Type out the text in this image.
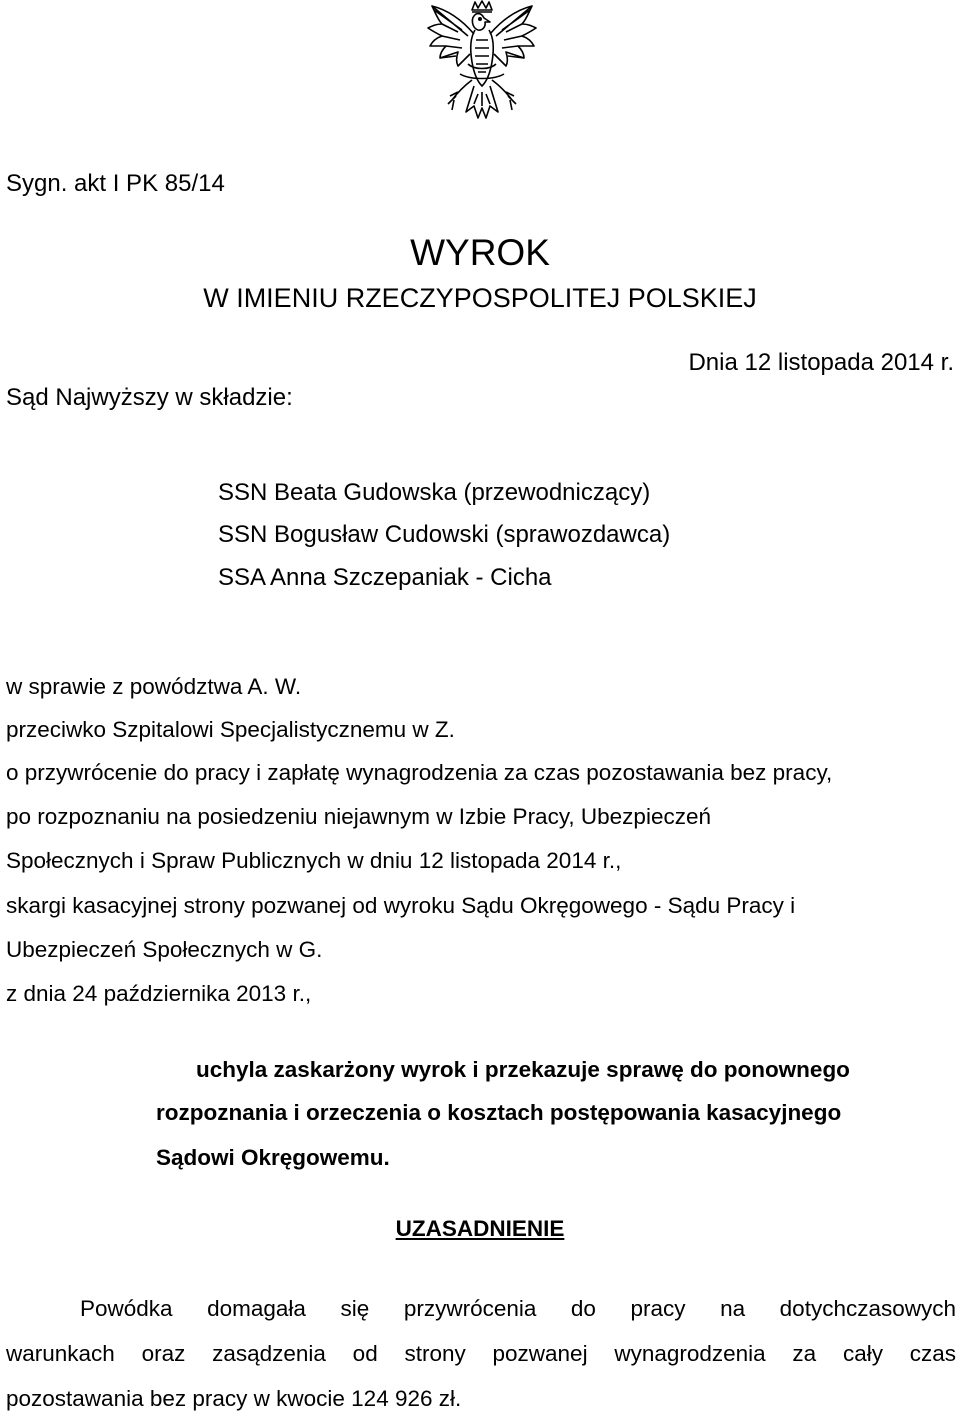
Sygn. akt I PK 85/14

WYROK

W IMIENIU RZECZYPOSPOLITEJ POLSKIEJ

Dnia 12 listopada 2014 r.

Sąd Najwyższy w składzie:

SSN Beata Gudowska (przewodniczący)

SSN Bogusław Cudowski (sprawozdawca)

SSA Anna Szczepaniak - Cicha

w sprawie z powództwa A. W.

przeciwko Szpitalowi Specjalistycznemu w Z.

o przywrócenie do pracy i zapłatę wynagrodzenia za czas pozostawania bez pracy,

po rozpoznaniu na posiedzeniu niejawnym w Izbie Pracy, Ubezpieczeń

Społecznych i Spraw Publicznych w dniu 12 listopada 2014 r.,

skargi kasacyjnej strony pozwanej od wyroku Sądu Okręgowego - Sądu Pracy i

Ubezpieczeń Społecznych w G.

z dnia 24 października 2013 r.,

uchyla zaskarżony wyrok i przekazuje sprawę do ponownego

rozpoznania i orzeczenia o kosztach postępowania kasacyjnego

Sądowi Okręgowemu.

UZASADNIENIE

Powódka domagała się przywrócenia do pracy na dotychczasowych

warunkach oraz zasądzenia od strony pozwanej wynagrodzenia za cały czas

pozostawania bez pracy w kwocie 124 926 zł.
